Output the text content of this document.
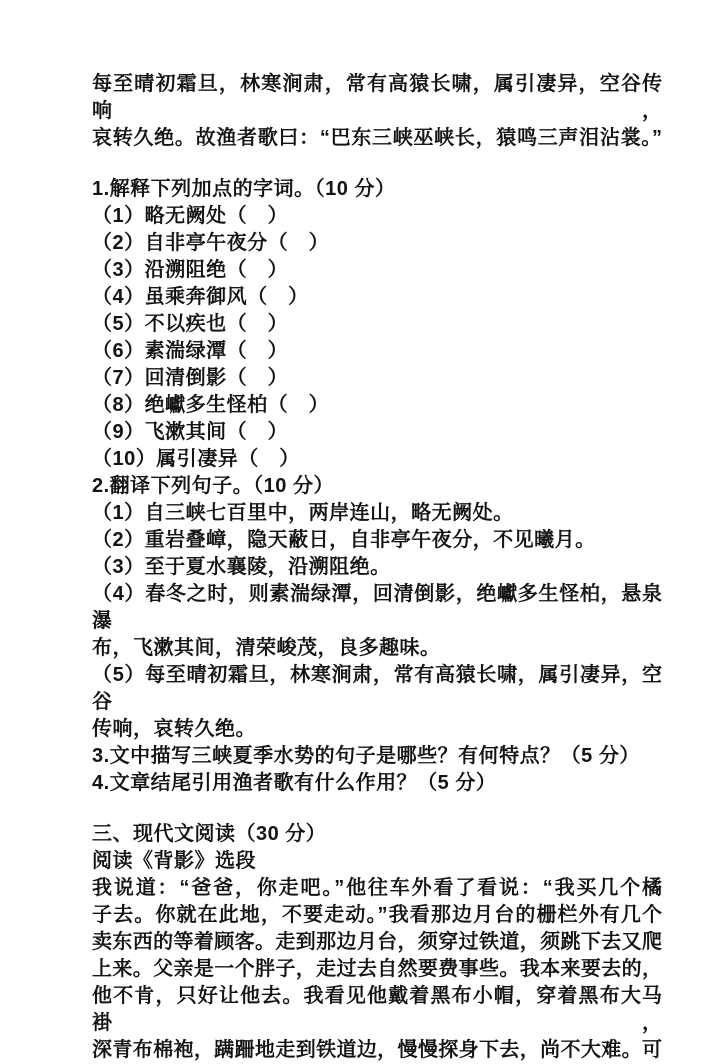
每至晴初霜旦，林寒涧肃，常有高猿长啸，属引凄异，空谷传响，
哀转久绝。故渔者歌曰：“巴东三峡巫峡长，猿鸣三声泪沾裳。”
1.解释下列加点的字词。（10 分）
（1）略无阙处（　）
（2）自非亭午夜分（　）
（3）沿溯阻绝（　）
（4）虽乘奔御风（　）
（5）不以疾也（　）
（6）素湍绿潭（　）
（7）回清倒影（　）
（8）绝巘多生怪柏（　）
（9）飞漱其间（　）
（10）属引凄异（　）
2.翻译下列句子。（10 分）
（1）自三峡七百里中，两岸连山，略无阙处。
（2）重岩叠嶂，隐天蔽日，自非亭午夜分，不见曦月。
（3）至于夏水襄陵，沿溯阻绝。
（4）春冬之时，则素湍绿潭，回清倒影，绝巘多生怪柏，悬泉瀑
布，飞漱其间，清荣峻茂，良多趣味。
（5）每至晴初霜旦，林寒涧肃，常有高猿长啸，属引凄异，空谷
传响，哀转久绝。
3.文中描写三峡夏季水势的句子是哪些？有何特点？（5 分）
4.文章结尾引用渔者歌有什么作用？（5 分）
三、现代文阅读（30 分）
阅读《背影》选段
我说道：“爸爸，你走吧。”他往车外看了看说：“我买几个橘
子去。你就在此地，不要走动。”我看那边月台的栅栏外有几个
卖东西的等着顾客。走到那边月台，须穿过铁道，须跳下去又爬
上来。父亲是一个胖子，走过去自然要费事些。我本来要去的，
他不肯，只好让他去。我看见他戴着黑布小帽，穿着黑布大马褂，
深青布棉袍，蹒跚地走到铁道边，慢慢探身下去，尚不大难。可
